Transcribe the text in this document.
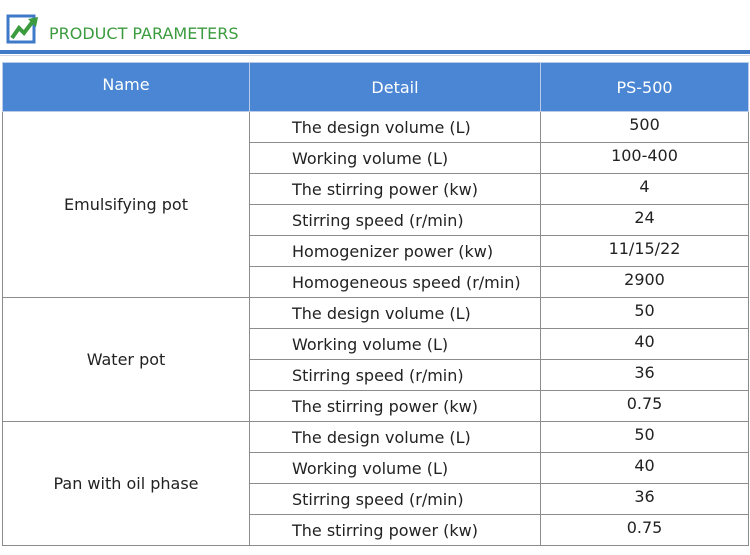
PRODUCT PARAMETERS
Name	Detail	PS-500
Emulsifying pot	The design volume (L)	500
	Working volume (L)	100-400
	The stirring power (kw)	4
	Stirring speed (r/min)	24
	Homogenizer power (kw)	11/15/22
	Homogeneous speed (r/min)	2900
Water pot	The design volume (L)	50
	Working volume (L)	40
	Stirring speed (r/min)	36
	The stirring power (kw)	0.75
Pan with oil phase	The design volume (L)	50
	Working volume (L)	40
	Stirring speed (r/min)	36
	The stirring power (kw)	0.75
